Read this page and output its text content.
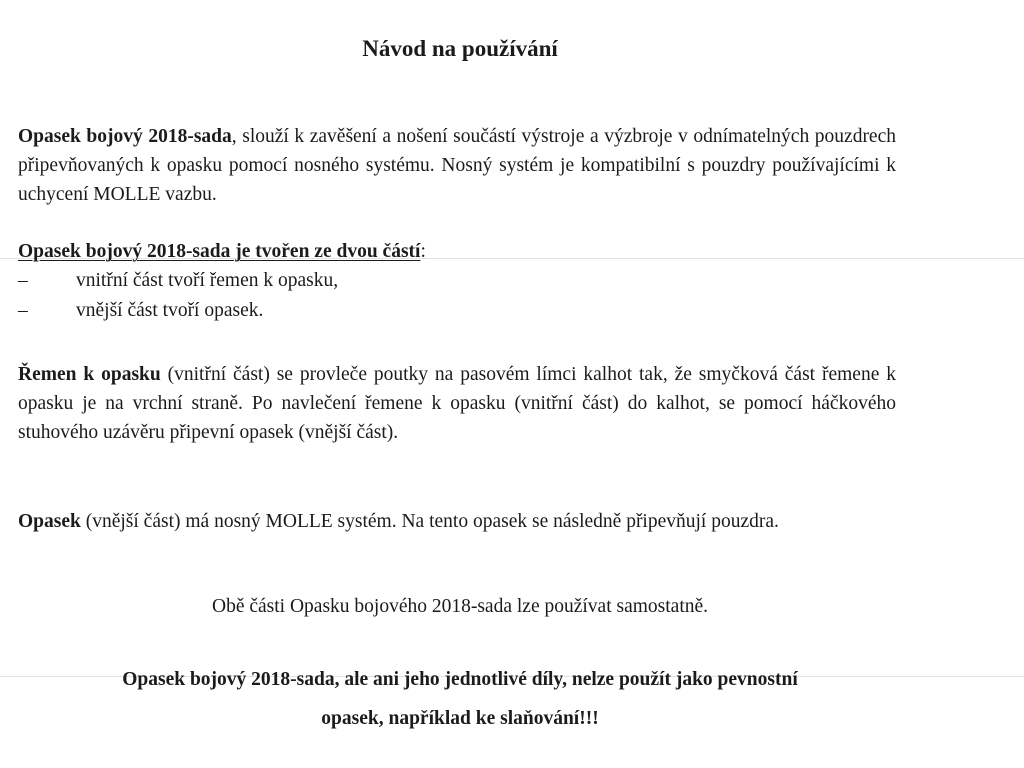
Návod na používání
Opasek bojový 2018-sada, slouží k zavěšení a nošení součástí výstroje a výzbroje v odnímatelných pouzdrech připevňovaných k opasku pomocí nosného systému. Nosný systém je kompatibilní s pouzdry používajícími k uchycení MOLLE vazbu.
Opasek bojový 2018-sada je tvořen ze dvou částí:
– vnitřní část tvoří řemen k opasku,
– vnější část tvoří opasek.
Řemen k opasku (vnitřní část) se provleče poutky na pasovém límci kalhot tak, že smyčková část řemene k opasku je na vrchní straně. Po navlečení řemene k opasku (vnitřní část) do kalhot, se pomocí háčkového stuhového uzávěru připevní opasek (vnější část).
Opasek (vnější část) má nosný MOLLE systém. Na tento opasek se následně připevňují pouzdra.
Obě části Opasku bojového 2018-sada lze používat samostatně.
Opasek bojový 2018-sada, ale ani jeho jednotlivé díly, nelze použít jako pevnostní
opasek, například ke slaňování!!!
